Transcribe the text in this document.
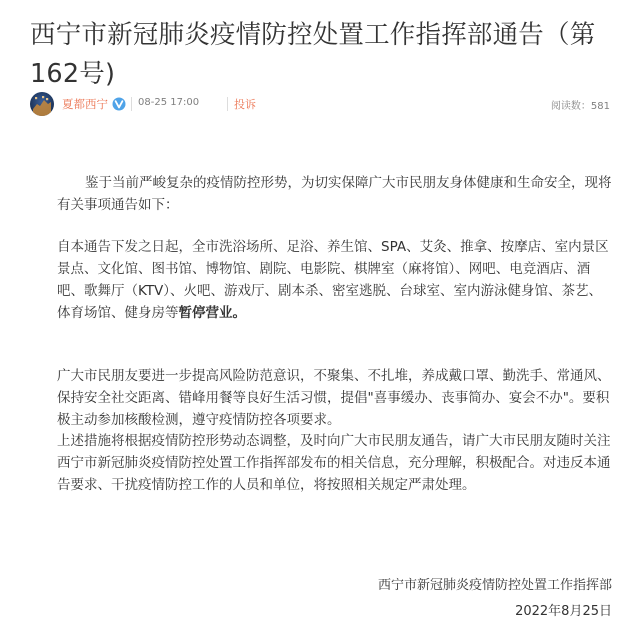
西宁市新冠肺炎疫情防控处置工作指挥部通告（第162号)
夏都西宁	08-25 17:00	投诉	阅读数：581

鉴于当前严峻复杂的疫情防控形势，为切实保障广大市民朋友身体健康和生命安全，现将有关事项通告如下：

自本通告下发之日起，全市洗浴场所、足浴、养生馆、SPA、艾灸、推拿、按摩店、室内景区景点、文化馆、图书馆、博物馆、剧院、电影院、棋牌室（麻将馆）、网吧、电竞酒店、酒吧、歌舞厅（KTV）、火吧、游戏厅、剧本杀、密室逃脱、台球室、室内游泳健身馆、茶艺、体育场馆、健身房等暂停营业。

广大市民朋友要进一步提高风险防范意识，不聚集、不扎堆，养成戴口罩、勤洗手、常通风、保持安全社交距离、错峰用餐等良好生活习惯，提倡"喜事缓办、丧事简办、宴会不办"。要积极主动参加核酸检测，遵守疫情防控各项要求。

上述措施将根据疫情防控形势动态调整，及时向广大市民朋友通告，请广大市民朋友随时关注西宁市新冠肺炎疫情防控处置工作指挥部发布的相关信息，充分理解，积极配合。对违反本通告要求、干扰疫情防控工作的人员和单位，将按照相关规定严肃处理。

西宁市新冠肺炎疫情防控处置工作指挥部
2022年8月25日
